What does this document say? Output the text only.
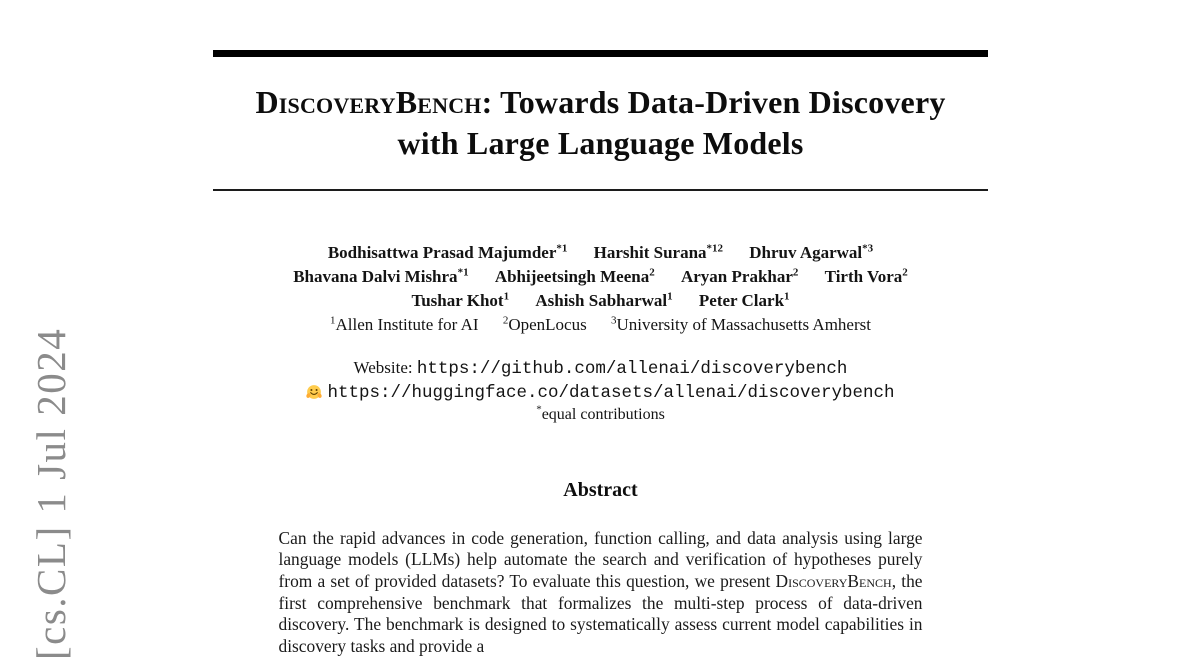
[cs.CL] 1 Jul 2024
DiscoveryBench: Towards Data-Driven Discovery
with Large Language Models
Bodhisattwa Prasad Majumder$^{*1}$ Harshit Surana$^{*12}$ Dhruv Agarwal$^{*3}$
Bhavana Dalvi Mishra$^{*1}$ Abhijeetsingh Meena$^2$ Aryan Prakhar$^2$ Tirth Vora$^2$
Tushar Khot$^1$ Ashish Sabharwal$^1$ Peter Clark$^1$
$^1$Allen Institute for AI $^2$OpenLocus $^3$University of Massachusetts Amherst
Website: https://github.com/allenai/discoverybench
https://huggingface.co/datasets/allenai/discoverybench
*equal contributions
Abstract
Can the rapid advances in code generation, function calling, and data analysis using large language models (LLMs) help automate the search and verification of hypotheses purely from a set of provided datasets? To evaluate this question, we present DiscoveryBench, the first comprehensive benchmark that formalizes the multi-step process of data-driven discovery. The benchmark is designed to systematically assess current model capabilities in discovery tasks and provide a
